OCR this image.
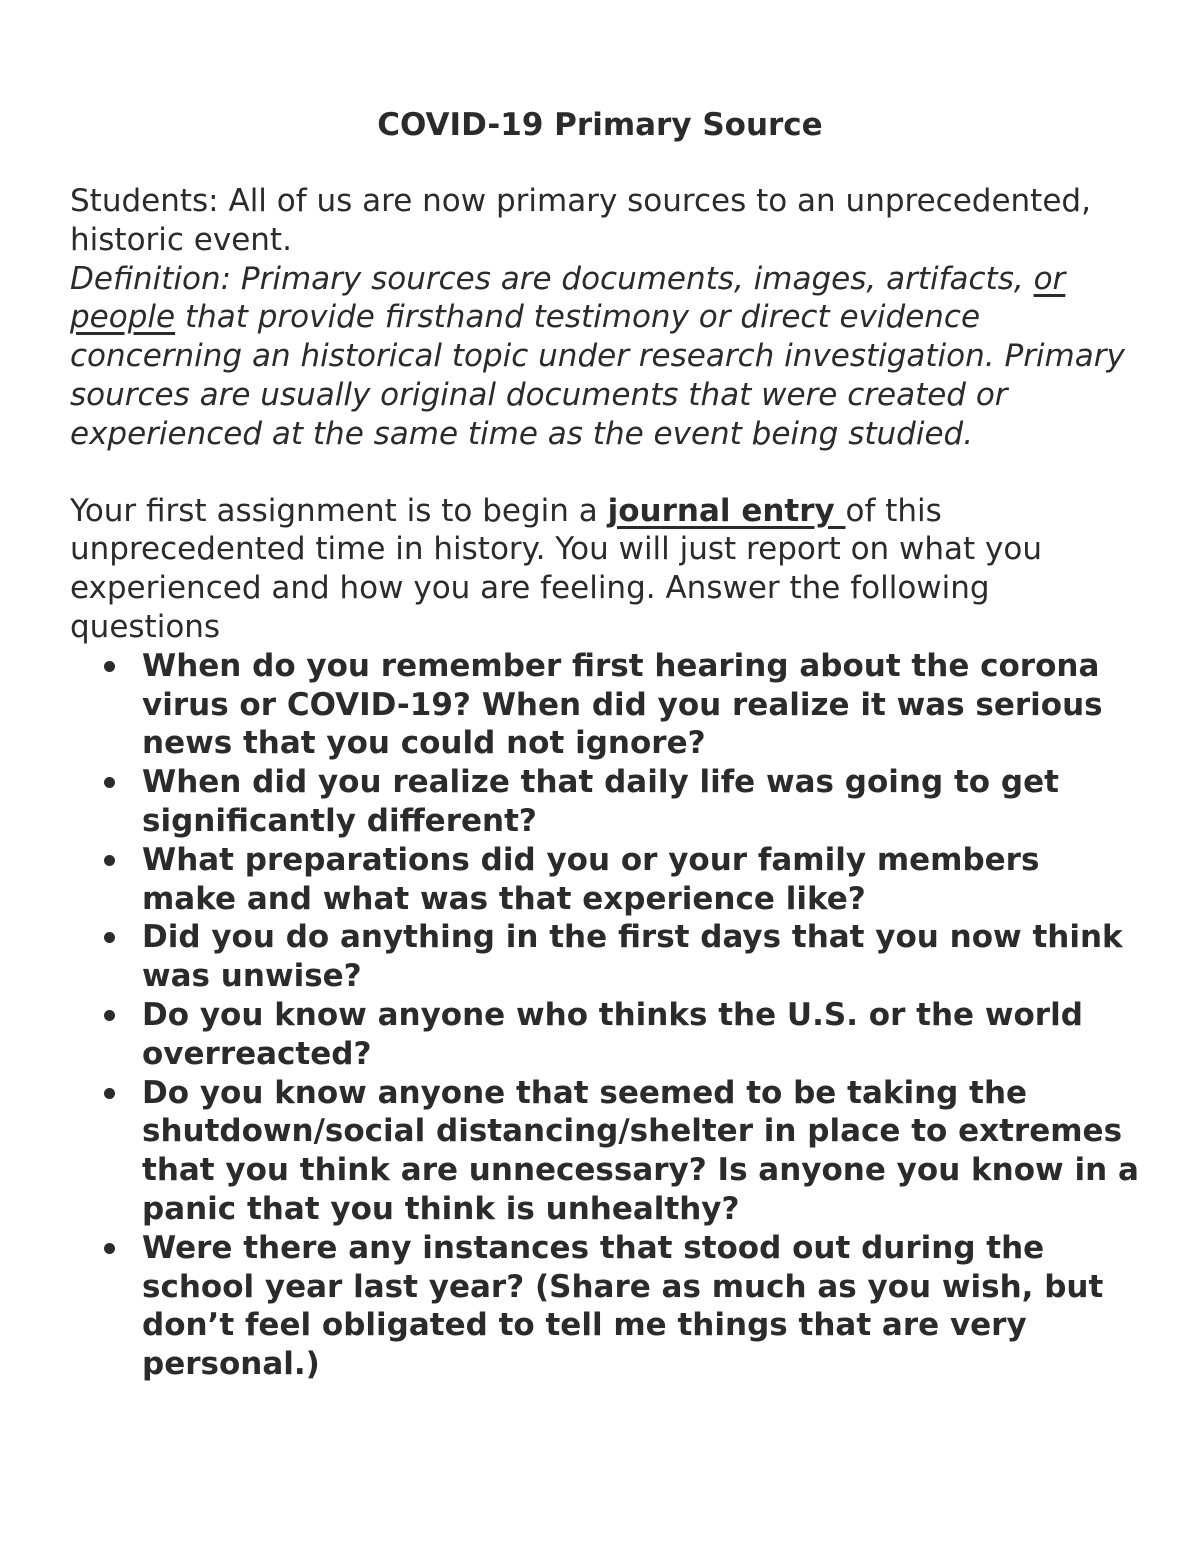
COVID-19 Primary Source

Students: All of us are now primary sources to an unprecedented, historic event.

Definition: Primary sources are documents, images, artifacts, or people that provide firsthand testimony or direct evidence concerning an historical topic under research investigation. Primary sources are usually original documents that were created or experienced at the same time as the event being studied.

Your first assignment is to begin a journal entry of this unprecedented time in history. You will just report on what you experienced and how you are feeling. Answer the following questions

When do you remember first hearing about the corona virus or COVID-19? When did you realize it was serious news that you could not ignore?
When did you realize that daily life was going to get significantly different?
What preparations did you or your family members make and what was that experience like?
Did you do anything in the first days that you now think was unwise?
Do you know anyone who thinks the U.S. or the world overreacted?
Do you know anyone that seemed to be taking the shutdown/social distancing/shelter in place to extremes that you think are unnecessary? Is anyone you know in a panic that you think is unhealthy?
Were there any instances that stood out during the school year last year? (Share as much as you wish, but don’t feel obligated to tell me things that are very personal.)
